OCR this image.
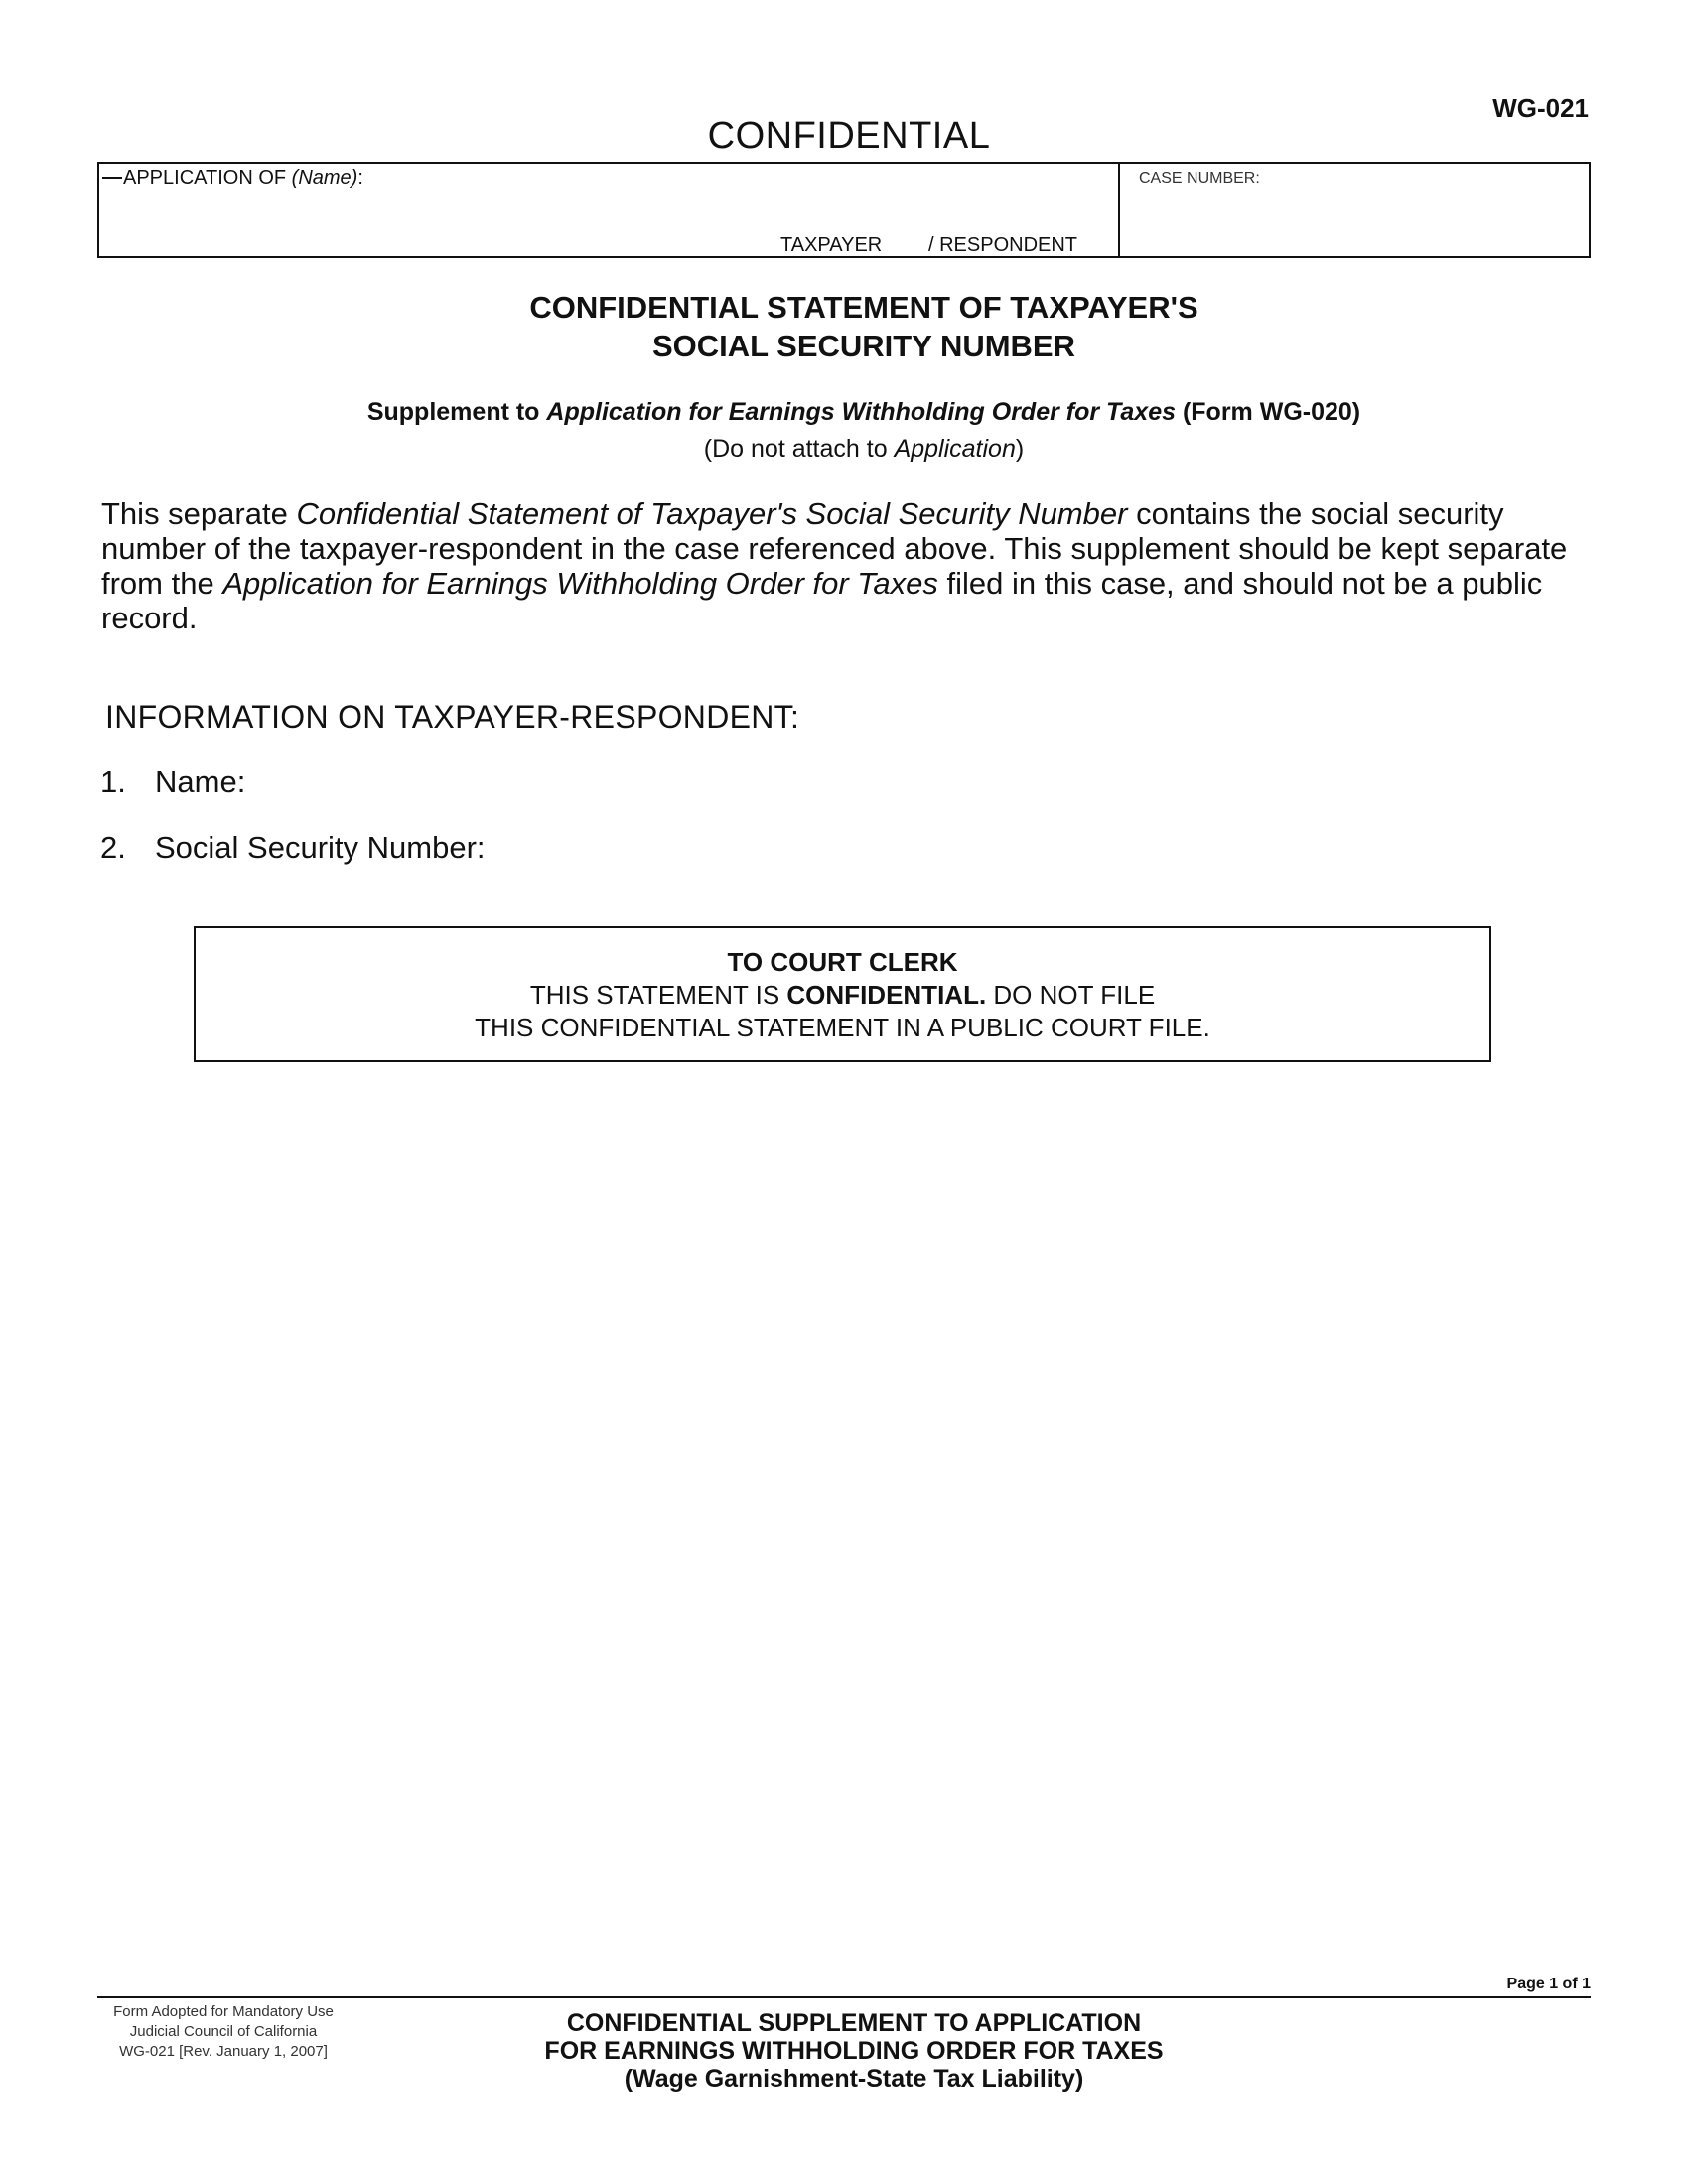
WG-021
CONFIDENTIAL
APPLICATION OF (Name):
TAXPAYER / RESPONDENT
CASE NUMBER:
CONFIDENTIAL STATEMENT OF TAXPAYER'S
SOCIAL SECURITY NUMBER
Supplement to Application for Earnings Withholding Order for Taxes (Form WG-020)
(Do not attach to Application)
This separate Confidential Statement of Taxpayer's Social Security Number contains the social security number of the taxpayer-respondent in the case referenced above. This supplement should be kept separate from the Application for Earnings Withholding Order for Taxes filed in this case, and should not be a public record.
INFORMATION ON TAXPAYER-RESPONDENT:
1. Name:
2. Social Security Number:
TO COURT CLERK
THIS STATEMENT IS CONFIDENTIAL. DO NOT FILE
THIS CONFIDENTIAL STATEMENT IN A PUBLIC COURT FILE.
Page 1 of 1
Form Adopted for Mandatory Use
Judicial Council of California
WG-021 [Rev. January 1, 2007]
CONFIDENTIAL SUPPLEMENT TO APPLICATION
FOR EARNINGS WITHHOLDING ORDER FOR TAXES
(Wage Garnishment-State Tax Liability)
